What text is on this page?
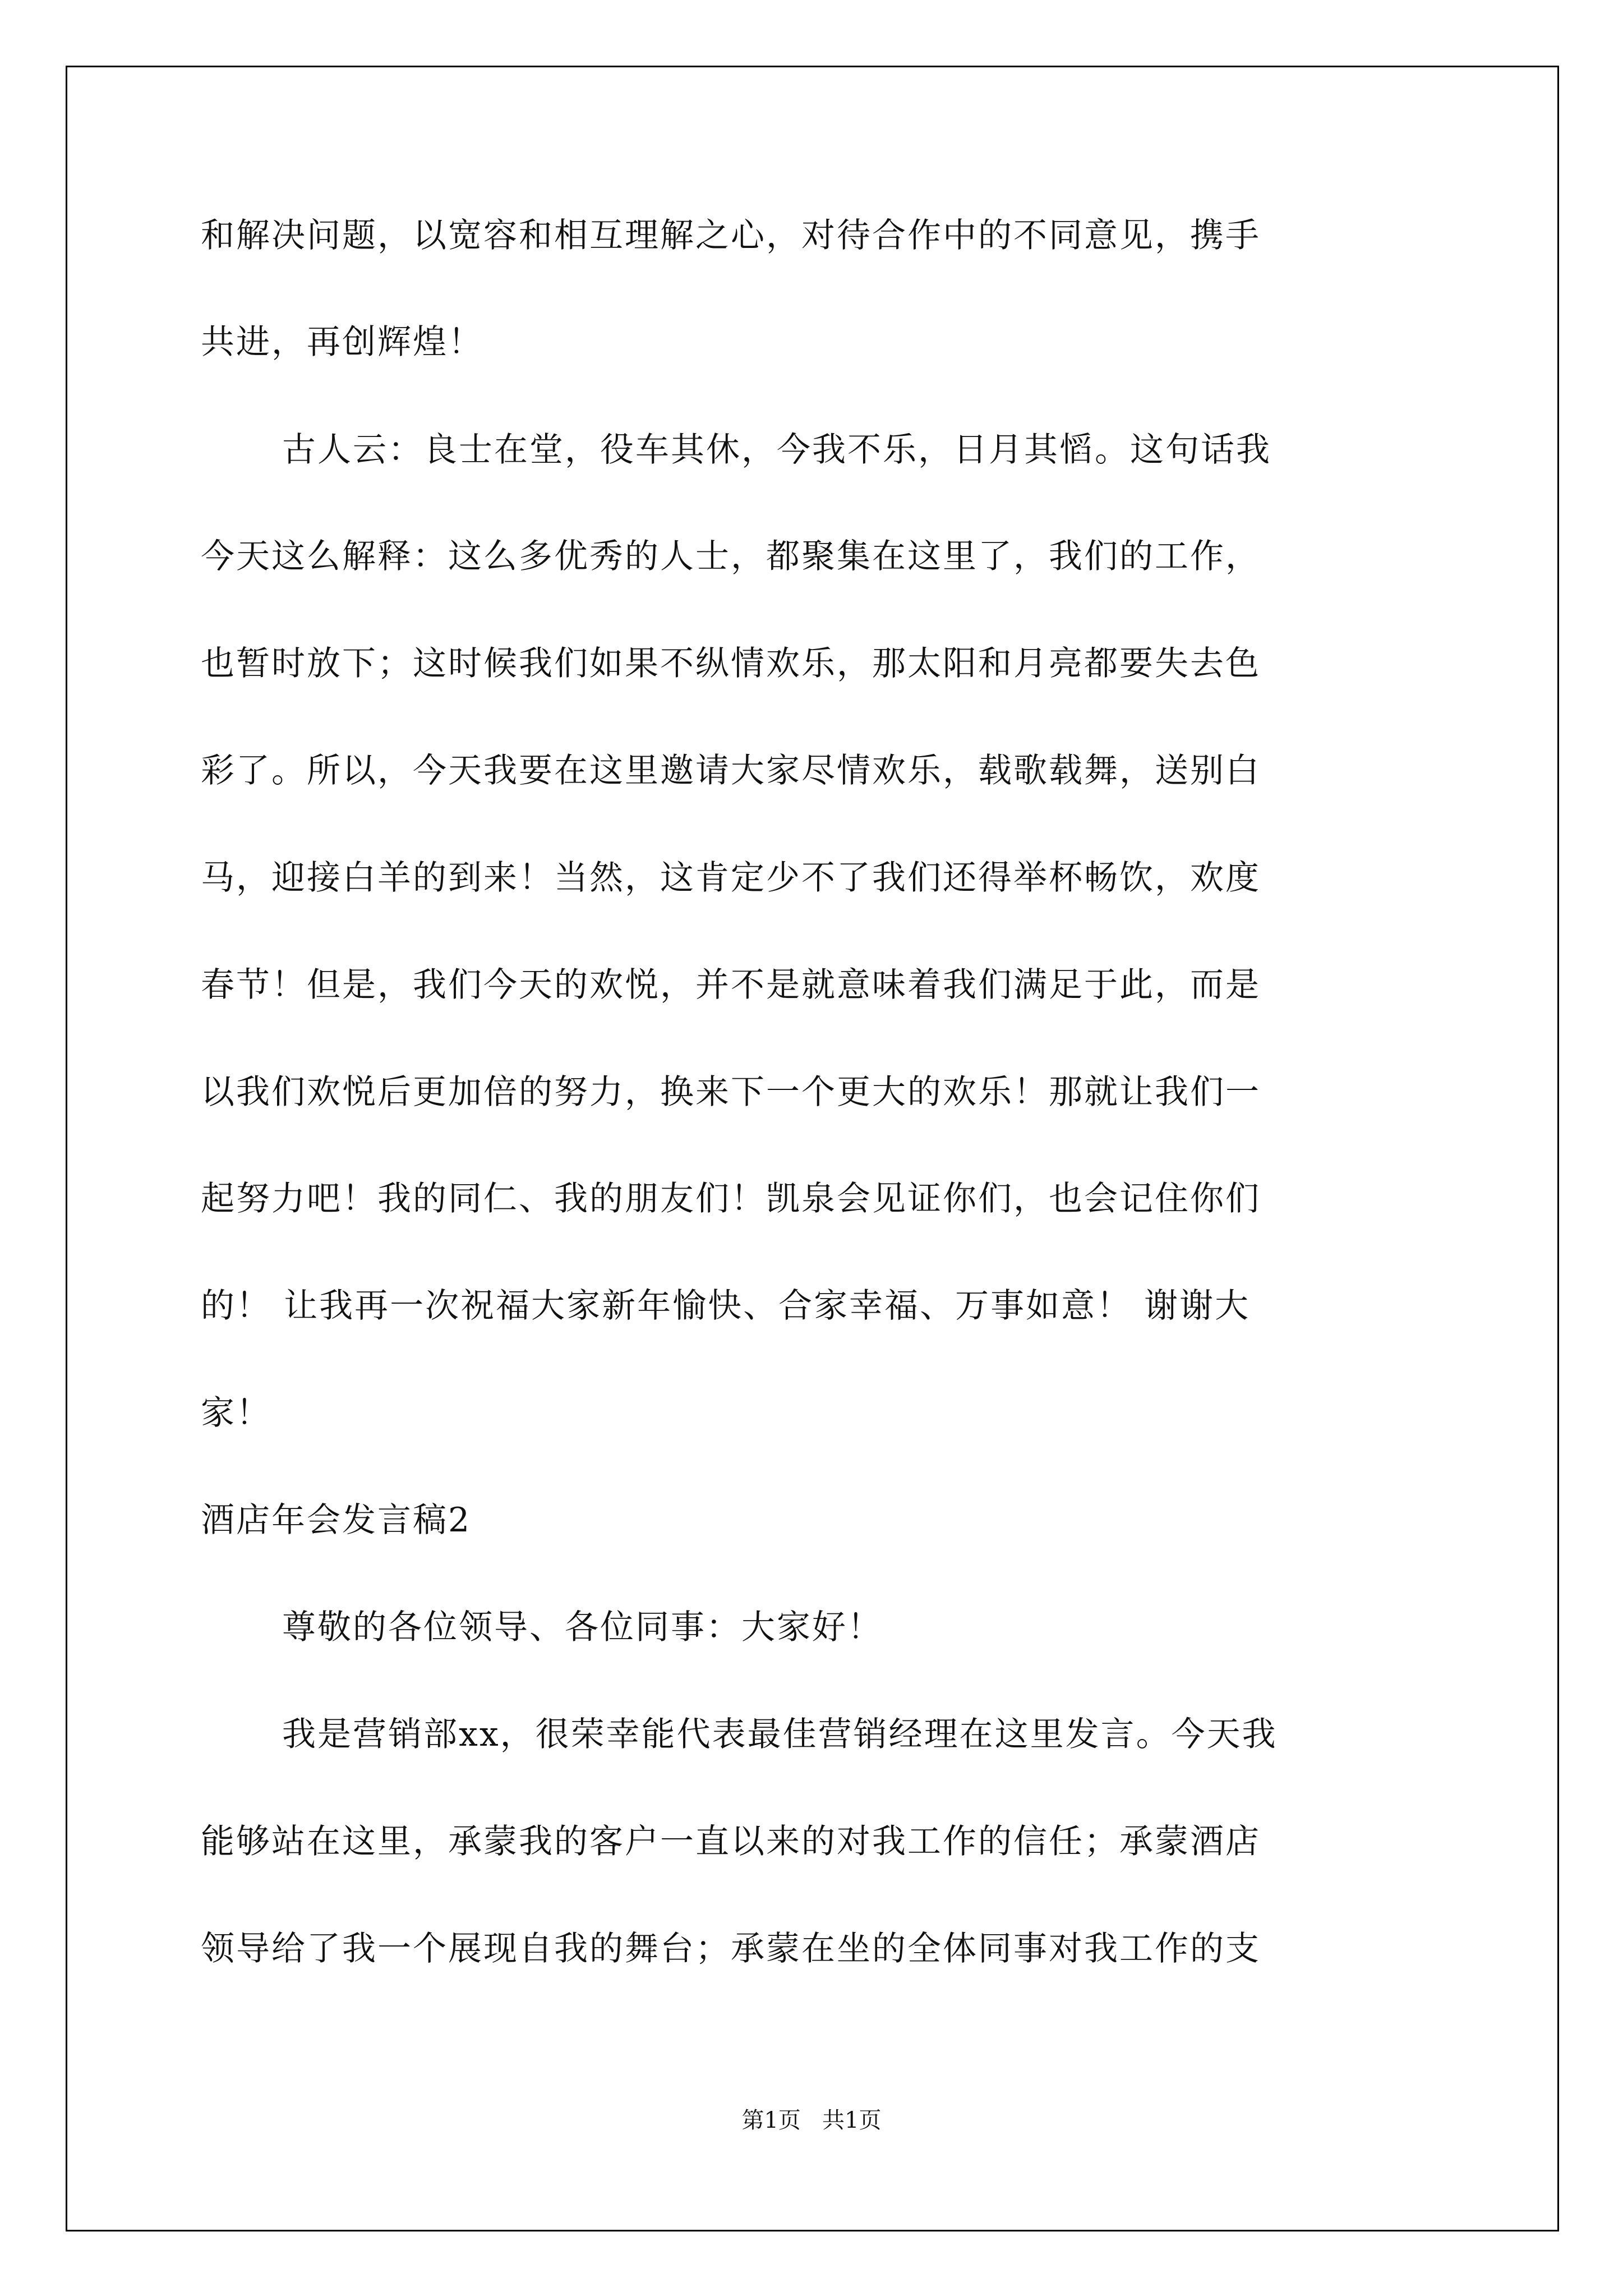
和解决问题，以宽容和相互理解之心，对待合作中的不同意见，携手
共进，再创辉煌！
古人云：良士在堂，役车其休，今我不乐，日月其慆。这句话我
今天这么解释：这么多优秀的人士，都聚集在这里了，我们的工作，
也暂时放下；这时候我们如果不纵情欢乐，那太阳和月亮都要失去色
彩了。所以，今天我要在这里邀请大家尽情欢乐，载歌载舞，送别白
马，迎接白羊的到来！当然，这肯定少不了我们还得举杯畅饮，欢度
春节！但是，我们今天的欢悦，并不是就意味着我们满足于此，而是
以我们欢悦后更加倍的努力，换来下一个更大的欢乐！那就让我们一
起努力吧！我的同仁、我的朋友们！凯泉会见证你们，也会记住你们
的！ 让我再一次祝福大家新年愉快、合家幸福、万事如意！ 谢谢大
家！
酒店年会发言稿2
尊敬的各位领导、各位同事：大家好！
我是营销部xx，很荣幸能代表最佳营销经理在这里发言。今天我
能够站在这里，承蒙我的客户一直以来的对我工作的信任；承蒙酒店
领导给了我一个展现自我的舞台；承蒙在坐的全体同事对我工作的支
第1页   共1页
